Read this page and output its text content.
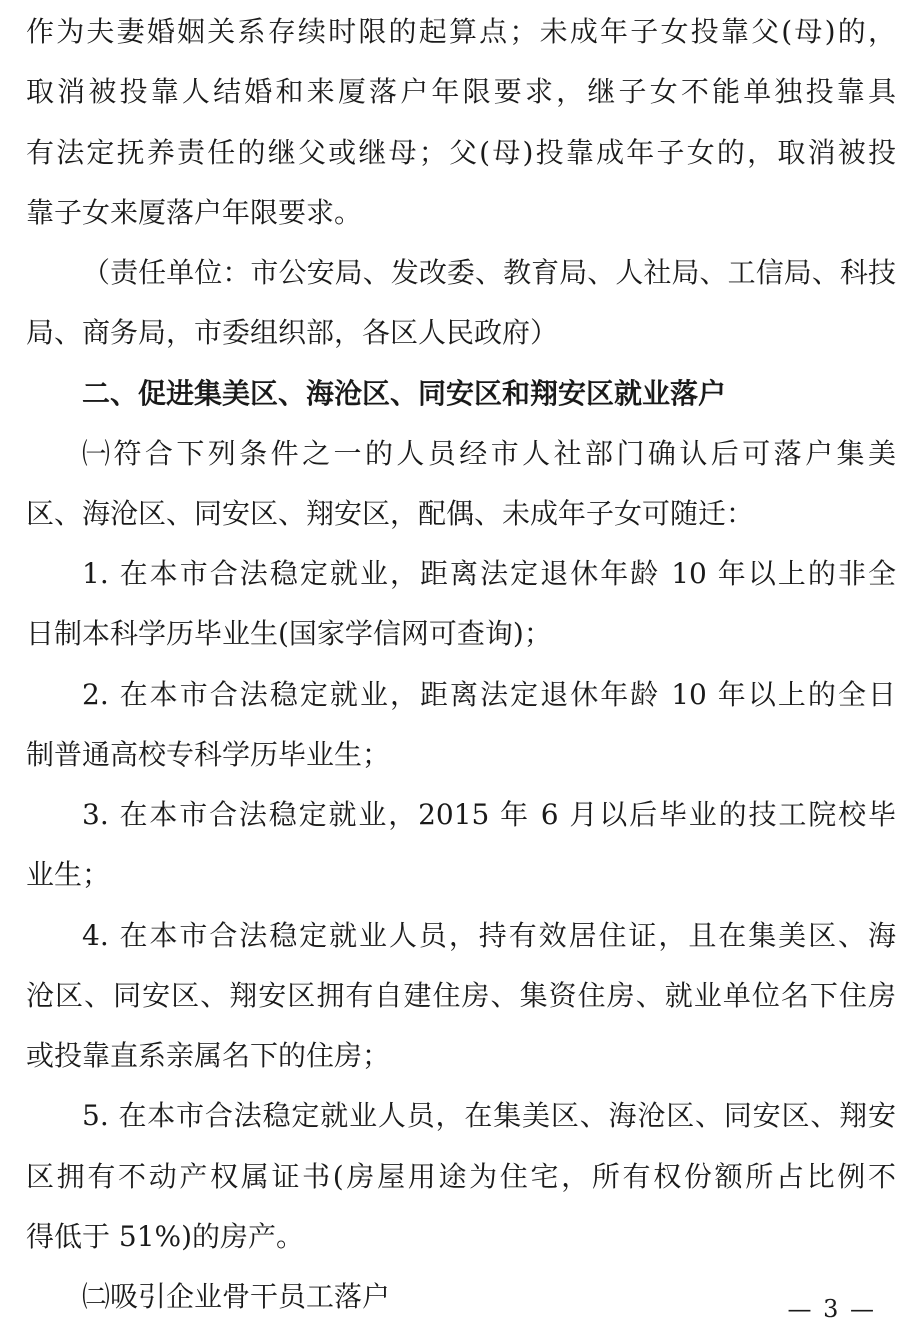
作为夫妻婚姻关系存续时限的起算点；未成年子女投靠父(母)的，
取消被投靠人结婚和来厦落户年限要求，继子女不能单独投靠具
有法定抚养责任的继父或继母；父(母)投靠成年子女的，取消被投
靠子女来厦落户年限要求。
（责任单位：市公安局、发改委、教育局、人社局、工信局、科技
局、商务局，市委组织部，各区人民政府）
二、促进集美区、海沧区、同安区和翔安区就业落户
㈠符合下列条件之一的人员经市人社部门确认后可落户集美
区、海沧区、同安区、翔安区，配偶、未成年子女可随迁：
1. 在本市合法稳定就业，距离法定退休年龄 10 年以上的非全
日制本科学历毕业生(国家学信网可查询)；
2. 在本市合法稳定就业，距离法定退休年龄 10 年以上的全日
制普通高校专科学历毕业生；
3. 在本市合法稳定就业，2015 年 6 月以后毕业的技工院校毕
业生；
4. 在本市合法稳定就业人员，持有效居住证，且在集美区、海
沧区、同安区、翔安区拥有自建住房、集资住房、就业单位名下住房
或投靠直系亲属名下的住房；
5. 在本市合法稳定就业人员，在集美区、海沧区、同安区、翔安
区拥有不动产权属证书(房屋用途为住宅，所有权份额所占比例不
得低于 51%)的房产。
㈡吸引企业骨干员工落户	— 3 —
